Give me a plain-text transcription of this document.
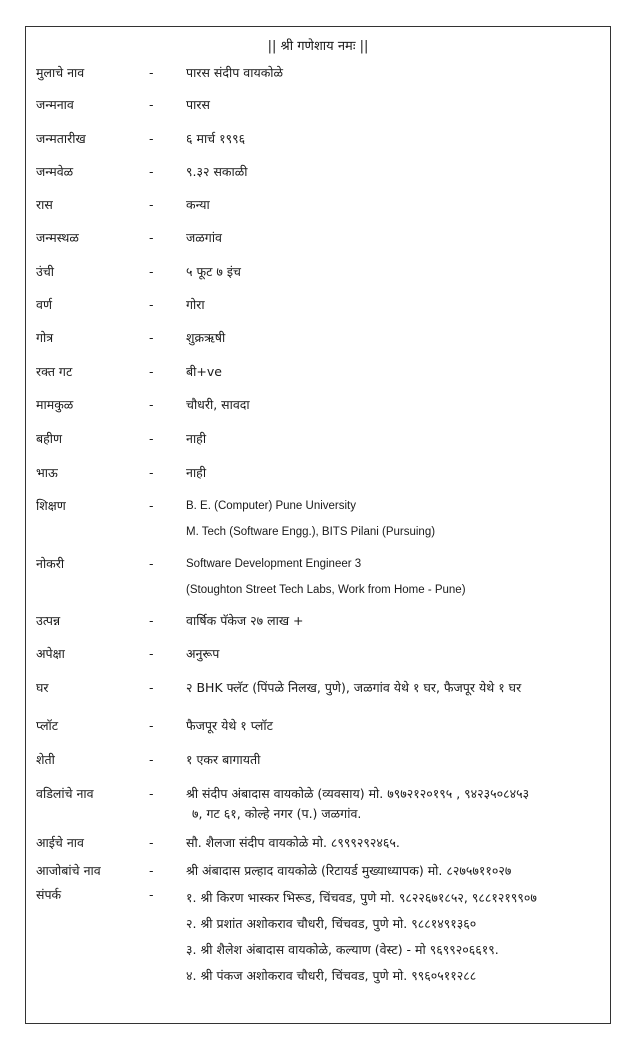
|| श्री गणेशाय नमः ||
मुलाचे नाव	-	पारस संदीप वायकोळे
जन्मनाव	-	पारस
जन्मतारीख	-	६ मार्च १९९६
जन्मवेळ	-	९.३२ सकाळी
रास	-	कन्या
जन्मस्थळ	-	जळगांव
उंची	-	५ फूट ७ इंच
वर्ण	-	गोरा
गोत्र	-	शुक्रऋषी
रक्त गट	-	बी+ve
मामकुळ	-	चौधरी, सावदा
बहीण	-	नाही
भाऊ	-	नाही
शिक्षण	-	B. E. (Computer) Pune University
M. Tech (Software Engg.), BITS Pilani (Pursuing)
नोकरी	-	Software Development Engineer 3
(Stoughton Street Tech Labs, Work from Home - Pune)
उत्पन्न	-	वार्षिक पॅकेज २७ लाख +
अपेक्षा	-	अनुरूप
घर	-	२ BHK फ्लॅट (पिंपळे निलख, पुणे), जळगांव येथे १ घर, फैजपूर येथे १ घर
प्लॉट	-	फैजपूर येथे १ प्लॉट
शेती	-	१ एकर बागायती
वडिलांचे नाव	-	श्री संदीप अंबादास वायकोळे (व्यवसाय) मो. ७९७२१२०१९५ , ९४२३५०८४५३
७, गट ६१, कोल्हे नगर (प.) जळगांव.
आईचे नाव	-	सौ. शैलजा संदीप वायकोळे मो. ८९९९२९२४६५.
आजोबांचे नाव	-	श्री अंबादास प्रल्हाद वायकोळे (रिटायर्ड मुख्याध्यापक) मो. ८२७५७११०२७
संपर्क	-	१. श्री किरण भास्कर भिरूड, चिंचवड, पुणे मो. ९८२२६७१८५२, ९८८१२१९९०७
२. श्री प्रशांत अशोकराव चौधरी, चिंचवड, पुणे मो. ९८८१४९१३६०
३. श्री शैलेश अंबादास वायकोळे, कल्याण (वेस्ट) - मो ९६९९२०६६१९.
४. श्री पंकज अशोकराव चौधरी, चिंचवड, पुणे मो. ९९६०५११२८८
